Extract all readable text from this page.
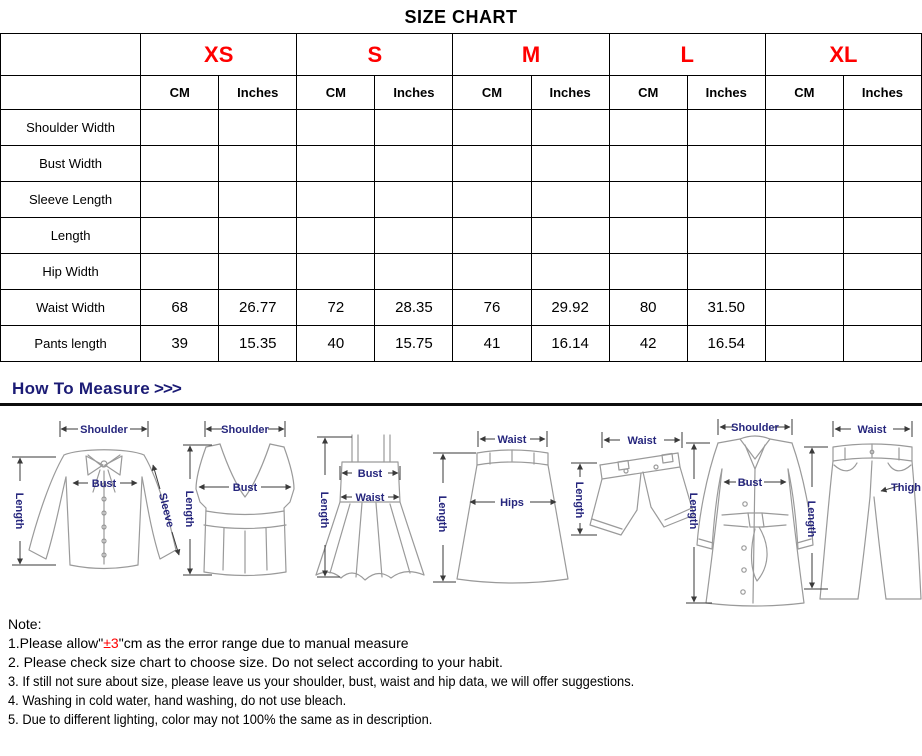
SIZE CHART
	XS		S		M		L		XL	
	CM	Inches	CM	Inches	CM	Inches	CM	Inches	CM	Inches
Shoulder Width										
Bust Width										
Sleeve Length										
Length										
Hip Width										
Waist Width	68	26.77	72	28.35	76	29.92	80	31.50		
Pants length	39	15.35	40	15.75	41	16.14	42	16.54		
How To Measure >>>
Shoulder
Bust
Length	Sleeve
Shoulder
Bust
Length
Bust
Waist
Length
Waist
Hips
Length
Waist
Length
Shoulder
Bust
Length
Waist
Thigh
Length
Note:
1.Please allow"±3"cm as the error range due to manual measure
2. Please check size chart to choose size. Do not select according to your habit.
3. If still not sure about size, please leave us your shoulder, bust, waist and hip data, we will offer suggestions.
4. Washing in cold water, hand washing, do not use bleach.
5. Due to different lighting, color may not 100% the same as in description.
